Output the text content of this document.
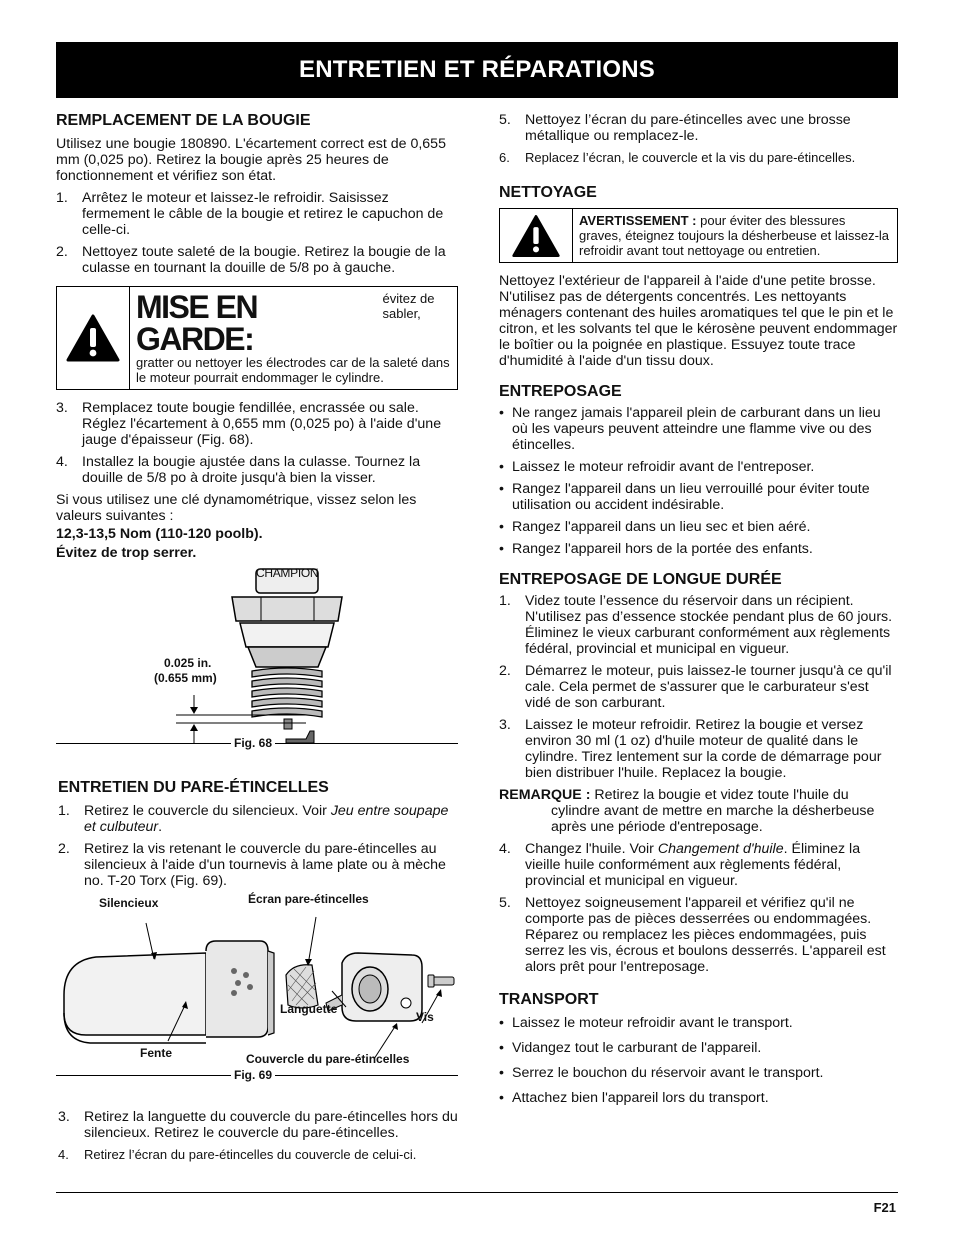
ENTRETIEN ET RÉPARATIONS
REMPLACEMENT DE LA BOUGIE

Utilisez une bougie 180890. L'écartement correct est de 0,655 mm (0,025 po). Retirez la bougie après 25 heures de fonctionnement et vérifiez son état.

1. Arrêtez le moteur et laissez-le refroidir. Saisissez fermement le câble de la bougie et retirez le capuchon de celle-ci.
2. Nettoyez toute saleté de la bougie. Retirez la bougie de la culasse en tournant la douille de 5/8 po à gauche.
MISE EN GARDE:
évitez de sabler,
gratter ou nettoyer les électrodes car de la saleté dans le moteur pourrait endommager le cylindre.
3. Remplacez toute bougie fendillée, encrassée ou sale. Réglez l'écartement à 0,655 mm (0,025 po) à l'aide d'une jauge d'épaisseur (Fig. 68).
4. Installez la bougie ajustée dans la culasse. Tournez la douille de 5/8 po à droite jusqu'à bien la visser.

Si vous utilisez une clé dynamométrique, vissez selon les valeurs suivantes :

12,3-13,5 Nom (110-120 poolb).

Évitez de trop serrer.

CHAMPION
0.025 in.
(0.655 mm)
Fig. 68
ENTRETIEN DU PARE-ÉTINCELLES
1. Retirez le couvercle du silencieux. Voir Jeu entre soupape et culbuteur.
2. Retirez la vis retenant le couvercle du pare-étincelles au silencieux à l'aide d'un tournevis à lame plate ou à mèche no. T-20 Torx (Fig. 69).
Silencieux	Écran pare-étincelles
Languette
Vis
Fente	Couvercle du pare-étincelles
Fig. 69
3. Retirez la languette du couvercle du pare-étincelles hors du silencieux. Retirez le couvercle du pare-étincelles.
4.	Retirez l’écran du pare-étincelles du couvercle de celui-ci.
5. Nettoyez l’écran du pare-étincelles avec une brosse métallique ou remplacez-le.
6.	Replacez l’écran, le couvercle et la vis du pare-étincelles.
NETTOYAGE
AVERTISSEMENT : pour éviter des blessures graves, éteignez toujours la désherbeuse et laissez-la refroidir avant tout nettoyage ou entretien.

Nettoyez l'extérieur de l'appareil à l'aide d'une petite brosse. N'utilisez pas de détergents concentrés. Les nettoyants ménagers contenant des huiles aromatiques tel que le pin et le citron, et les solvants tel que le kérosène peuvent endommager le boîtier ou la poignée en plastique. Essuyez toute trace d'humidité à l'aide d'un tissu doux.

ENTREPOSAGE
• Ne rangez jamais l'appareil plein de carburant dans un lieu où les vapeurs peuvent atteindre une flamme vive ou des étincelles.
• Laissez le moteur refroidir avant de l'entreposer.
• Rangez l'appareil dans un lieu verrouillé pour éviter toute utilisation ou accident indésirable.
• Rangez l'appareil dans un lieu sec et bien aéré.
• Rangez l'appareil hors de la portée des enfants.
ENTREPOSAGE DE LONGUE DURÉE
1. Videz toute l’essence du réservoir dans un récipient. N'utilisez pas d’essence stockée pendant plus de 60 jours. Éliminez le vieux carburant conformément aux règlements fédéral, provincial et municipal en vigueur.
2. Démarrez le moteur, puis laissez-le tourner jusqu'à ce qu'il cale. Cela permet de s'assurer que le carburateur s'est vidé de son carburant.
3. Laissez le moteur refroidir. Retirez la bougie et versez environ 30 ml (1 oz) d'huile moteur de qualité dans le cylindre. Tirez lentement sur la corde de démarrage pour bien distribuer l'huile. Replacez la bougie.
REMARQUE : Retirez la bougie et videz toute l'huile du
cylindre avant de mettre en marche la désherbeuse après une période d'entreposage.
4. Changez l'huile. Voir Changement d'huile. Éliminez la vieille huile conformément aux règlements fédéral, provincial et municipal en vigueur.
5. Nettoyez soigneusement l'appareil et vérifiez qu'il ne comporte pas de pièces desserrées ou endommagées. Réparez ou remplacez les pièces endommagées, puis serrez les vis, écrous et boulons desserrés. L'appareil est alors prêt pour l'entreposage.
TRANSPORT
• Laissez le moteur refroidir avant le transport.
• Vidangez tout le carburant de l'appareil.
• Serrez le bouchon du réservoir avant le transport.
• Attachez bien l'appareil lors du transport.
F21
